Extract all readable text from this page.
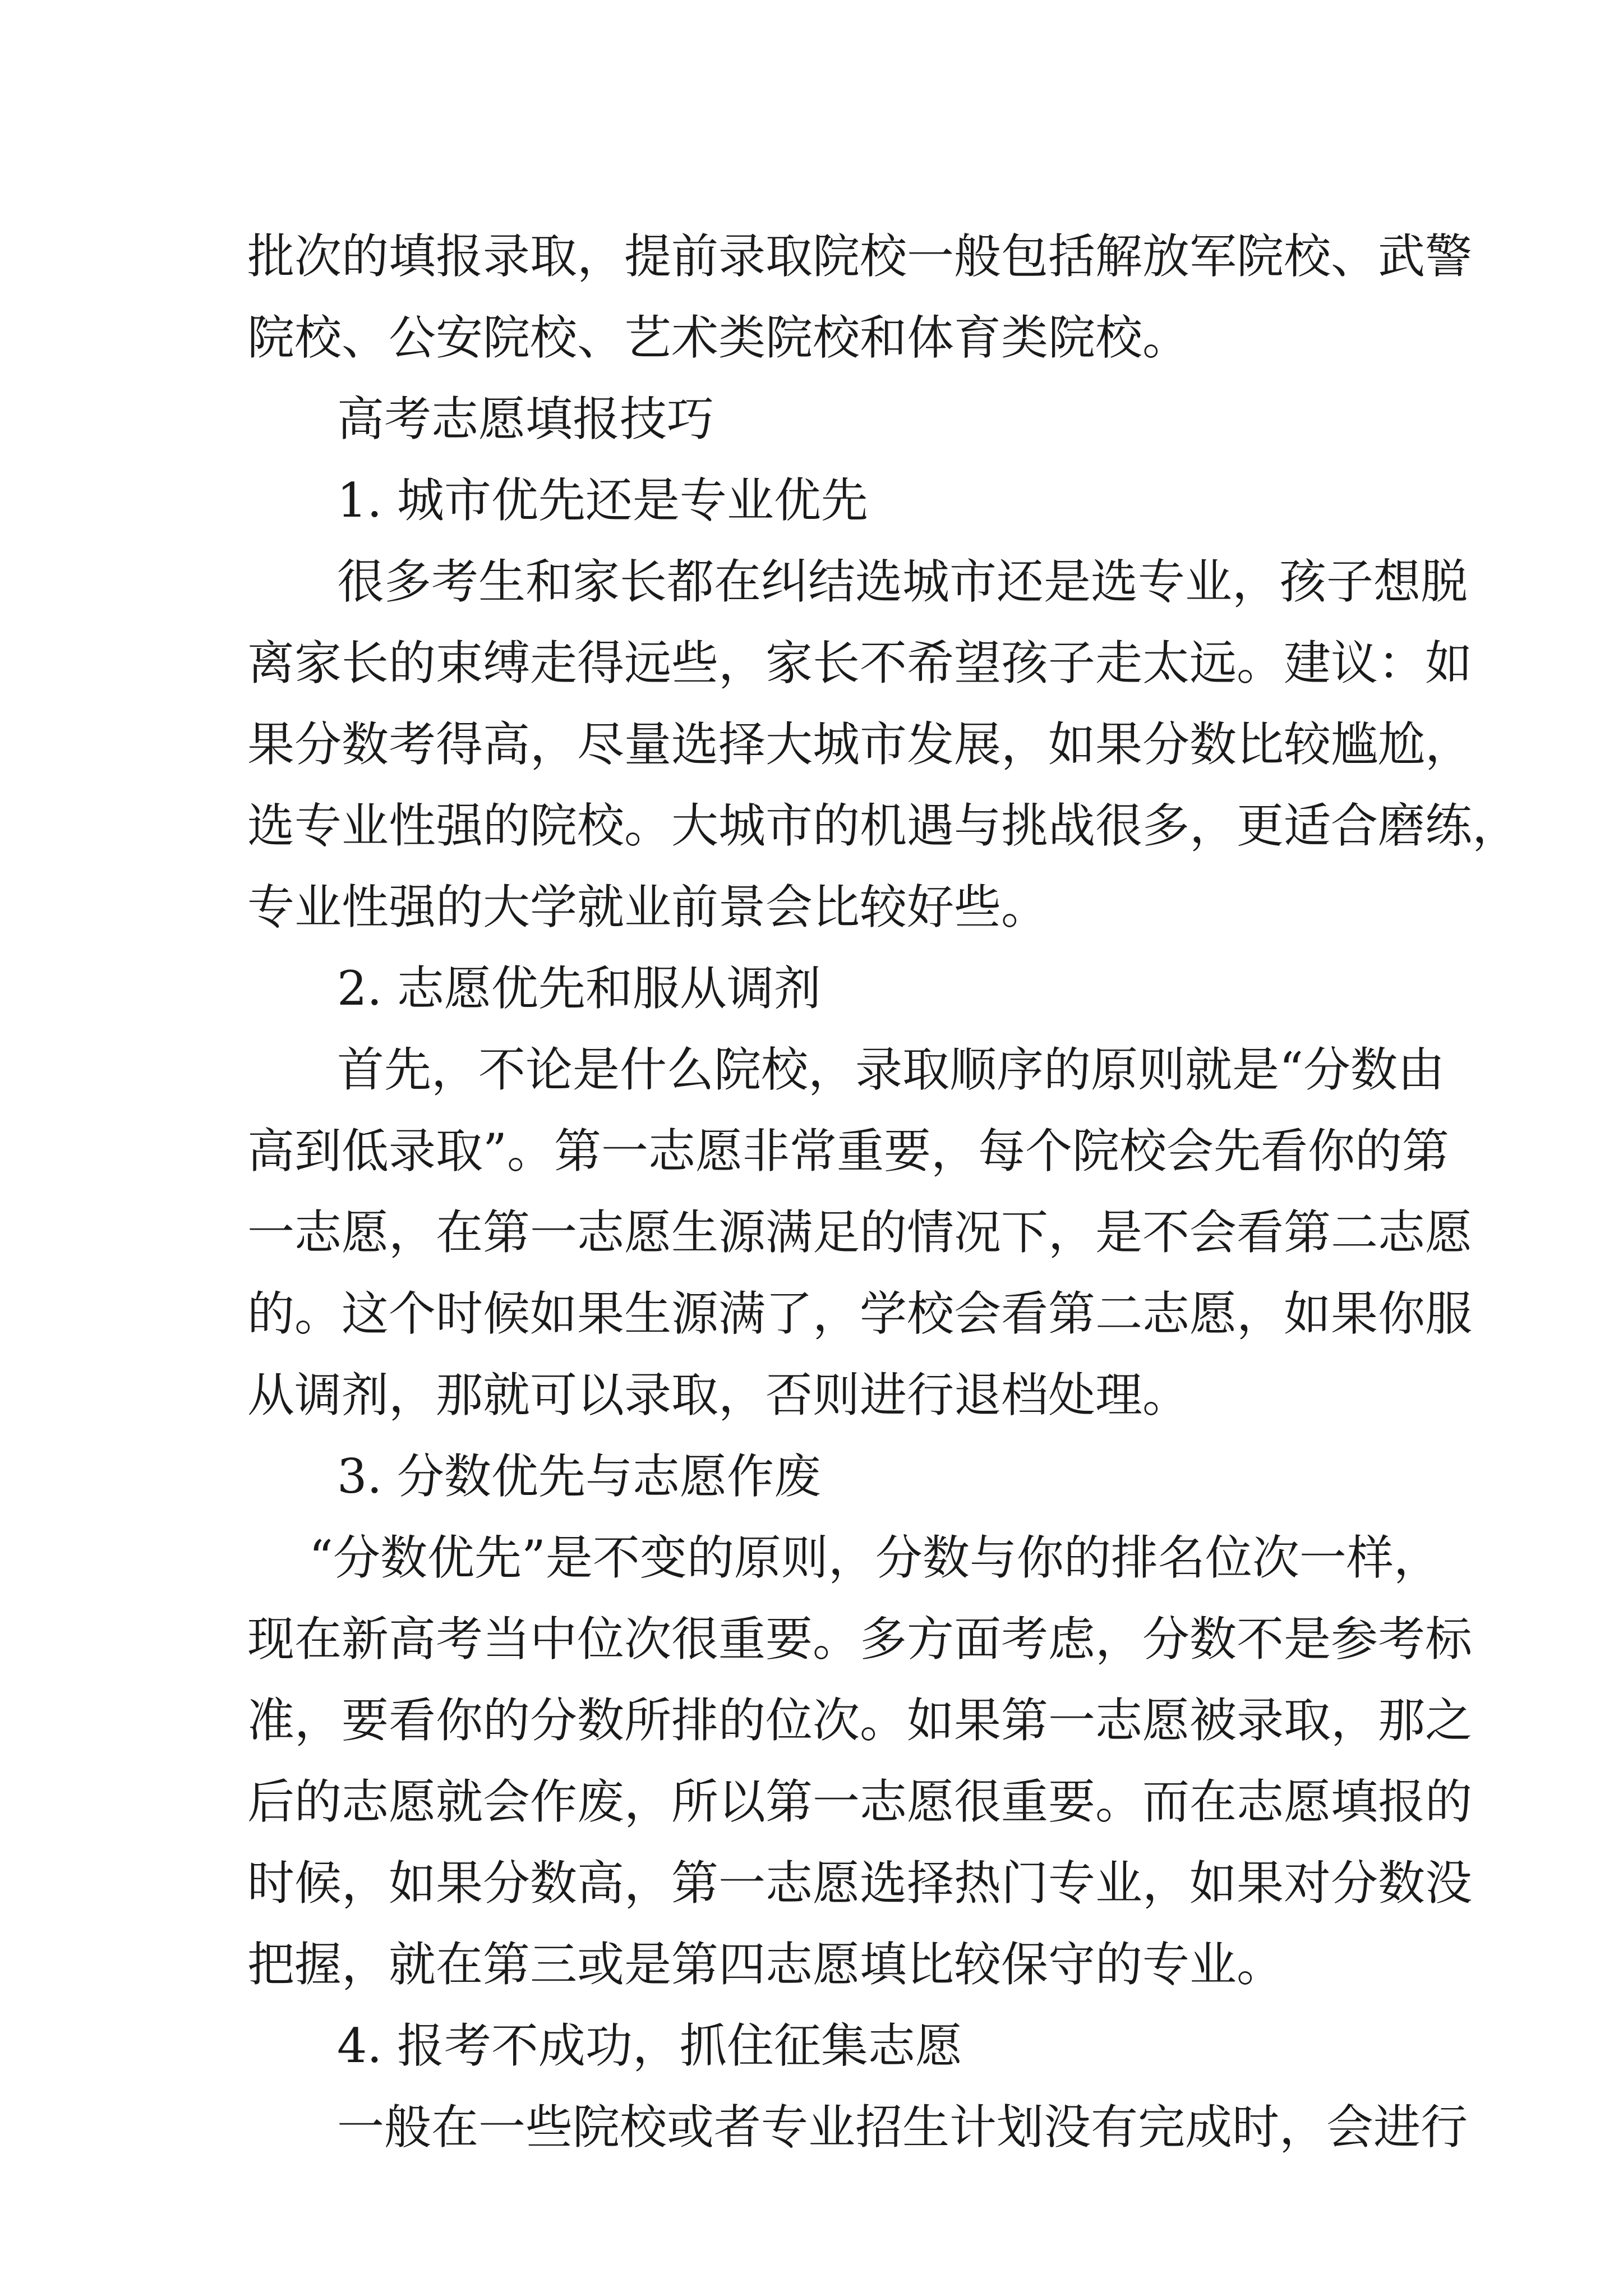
批次的填报录取，提前录取院校一般包括解放军院校、武警
院校、公安院校、艺术类院校和体育类院校。
高考志愿填报技巧
1. 城市优先还是专业优先
很多考生和家长都在纠结选城市还是选专业，孩子想脱
离家长的束缚走得远些，家长不希望孩子走太远。建议：如
果分数考得高，尽量选择大城市发展，如果分数比较尴尬，
选专业性强的院校。大城市的机遇与挑战很多，更适合磨练，
专业性强的大学就业前景会比较好些。
2. 志愿优先和服从调剂
首先，不论是什么院校，录取顺序的原则就是“分数由
高到低录取”。第一志愿非常重要，每个院校会先看你的第
一志愿，在第一志愿生源满足的情况下，是不会看第二志愿
的。这个时候如果生源满了，学校会看第二志愿，如果你服
从调剂，那就可以录取，否则进行退档处理。
3. 分数优先与志愿作废
“分数优先”是不变的原则，分数与你的排名位次一样，
现在新高考当中位次很重要。多方面考虑，分数不是参考标
准，要看你的分数所排的位次。如果第一志愿被录取，那之
后的志愿就会作废，所以第一志愿很重要。而在志愿填报的
时候，如果分数高，第一志愿选择热门专业，如果对分数没
把握，就在第三或是第四志愿填比较保守的专业。
4. 报考不成功，抓住征集志愿
一般在一些院校或者专业招生计划没有完成时，会进行
